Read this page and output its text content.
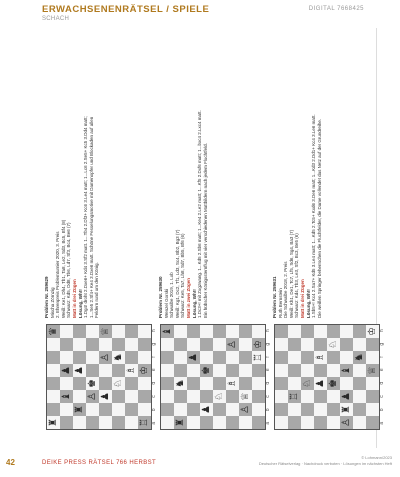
ERWACHSENENRÄTSEL / SPIELE
SCHACH
DIGITAL 7668425
♜
♛
♝
♟
♜
♟
♙
♚
♟
♙
♕
♘
♞
♗
♖
♔
a
b
c
d
e
f
g
h
Problem Nr. 259629 Mischa Zörnzig 2. Ehrenpreis Problemturnier 2020, 3. Preis Weiß: Ke1, Dh4, Tb1, Ta8, Le2, Sd3, Bc5, Bf4 (8) Schwarz: Kd5, Dd8, Tb6, Ld7, Sf3, Bc4, Be6 (7) Matt in drei Zügen Lösung, Wh!! 1.Dg4! droht 2.Dxe6+ Kd4 3.Sf2 matt. 1...Tb4 2.Df3+ Kc6 3.Le4 matt; 1...Lc6 2.Se5+ Kc5 3.Dd4 matt; 1...Se5 2.Sf4+ Ke4 3.Dxe6 matt. Schöne Fesselungsmotive mit Damenopfer und Blockaden auf allen Feldern rund um den König.
♝
♜
♞
♟
♟
♚
♘
♗
♙
♙
♕
♖
♔
a
b
c
d
e
f
g
h
Problem Nr. 259630 Wenzel Gorski Schwalbe 2019, 1. Lob Weiß: Kg1, Dc2, Tf1, Ld3, Sc4, Bb2, Bg3 (7) Schwarz: Ke5, Ta7, Lh8, Sd7, Bb5, Bf6 (6) Matt in zwei Zügen Lösung, Wh!! 1.Dc3+! mit Zugzwang. 1...Kd5 2.Sb6 matt; 1...Ke4 2.Le2 matt; 1...Kf5 2.Dxf6 matt; 1...bxc4 2.Lxc4 matt. Ein hübscher Königssternflug mit vier verschiedenen Mattbildern nach jedem Fluchtfeld.
♖
♘ ♟
♗
♚
♘
♙
♜
♟
♝
♞
♕
♔
a
b
c
d
e
f
g
h
Problem Nr. 259631 Ruth Bernstein Die Schwalbe 2018, 2. Preis Weiß: Kh1, De1, Tc7, Lf5, Sd6, Sg4, Ba3 (7) Schwarz: Kd4, Tb3, Le3, Sf2, Bc3, Be5 (6) Matt in drei Zügen Lösung, Wh!! 1.Sb5+! Kc4 2.Sa7+ Kd5 3.Le4 matt; 1...Kd5 2.Tc5+ Kxd6 3.De6 matt; 1...Kd3 2.Dd1+ Kc4 3.Le6 matt. Die weißen Springer beherrschen die Fluchtfelder, die Dame vollendet das Netz auf der Grundreihe.
42	DEIKE PRESS RÄTSEL 766 HERBST
© Lohmann/2023
Deutscher Rätselverlag · Nachdruck verboten · Lösungen im nächsten Heft
